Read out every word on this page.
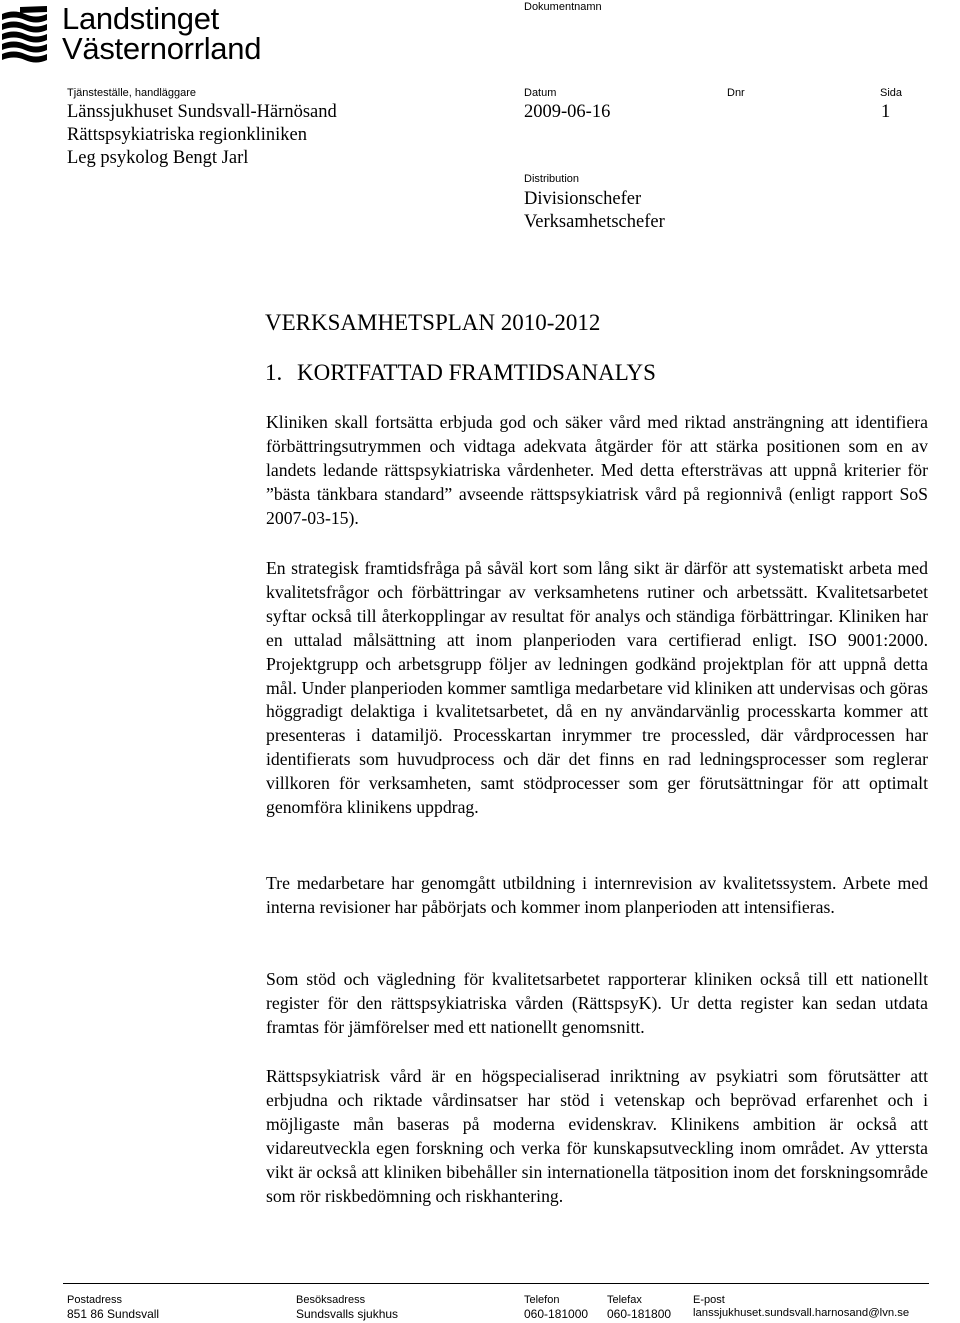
Landstinget
Västernorrland
Dokumentnamn
Tjänsteställe, handläggare
Länssjukhuset Sundsvall-Härnösand
Rättspsykiatriska regionkliniken
Leg psykolog Bengt Jarl
Datum
2009-06-16
Dnr	Sida
1
Distribution
Divisionschefer
Verksamhetschefer
VERKSAMHETSPLAN 2010-2012
1. KORTFATTAD FRAMTIDSANALYS

Kliniken skall fortsätta erbjuda god och säker vård med riktad ansträngning att identifiera förbättringsutrymmen och vidtaga adekvata åtgärder för att stärka positionen som en av landets ledande rättspsykiatriska vårdenheter. Med detta eftersträvas att uppnå kriterier för ”bästa tänkbara standard” avseende rättspsykiatrisk vård på regionnivå (enligt rapport SoS 2007-03-15).

En strategisk framtidsfråga på såväl kort som lång sikt är därför att systematiskt arbeta med kvalitetsfrågor och förbättringar av verksamhetens rutiner och arbetssätt. Kvalitetsarbetet syftar också till återkopplingar av resultat för analys och ständiga förbättringar. Kliniken har en uttalad målsättning att inom planperioden vara certifierad enligt. ISO 9001:2000. Projektgrupp och arbetsgrupp följer av ledningen godkänd projektplan för att uppnå detta mål. Under planperioden kommer samtliga medarbetare vid kliniken att undervisas och göras höggradigt delaktiga i kvalitetsarbetet, då en ny användarvänlig processkarta kommer att presenteras i datamiljö. Processkartan inrymmer tre processled, där vårdprocessen har identifierats som huvudprocess och där det finns en rad ledningsprocesser som reglerar villkoren för verksamheten, samt stödprocesser som ger förutsättningar för att optimalt genomföra klinikens uppdrag.

Tre medarbetare har genomgått utbildning i internrevision av kvalitetssystem. Arbete med interna revisioner har påbörjats och kommer inom planperioden att intensifieras.

Som stöd och vägledning för kvalitetsarbetet rapporterar kliniken också till ett nationellt register för den rättspsykiatriska vården (RättspsyK). Ur detta register kan sedan utdata framtas för jämförelser med ett nationellt genomsnitt.

Rättspsykiatrisk vård är en högspecialiserad inriktning av psykiatri som förutsätter att erbjudna och riktade vårdinsatser har stöd i vetenskap och beprövad erfarenhet och i möjligaste mån baseras på moderna evidenskrav. Klinikens ambition är också att vidareutveckla egen forskning och verka för kunskapsutveckling inom området. Av yttersta vikt är också att kliniken bibehåller sin internationella tätposition inom det forskningsområde som rör riskbedömning och riskhantering.

Postadress
851 86 Sundsvall
Besöksadress
Sundsvalls sjukhus
Telefon
060-181000
Telefax
060-181800
E-post
lanssjukhuset.sundsvall.harnosand@lvn.se
